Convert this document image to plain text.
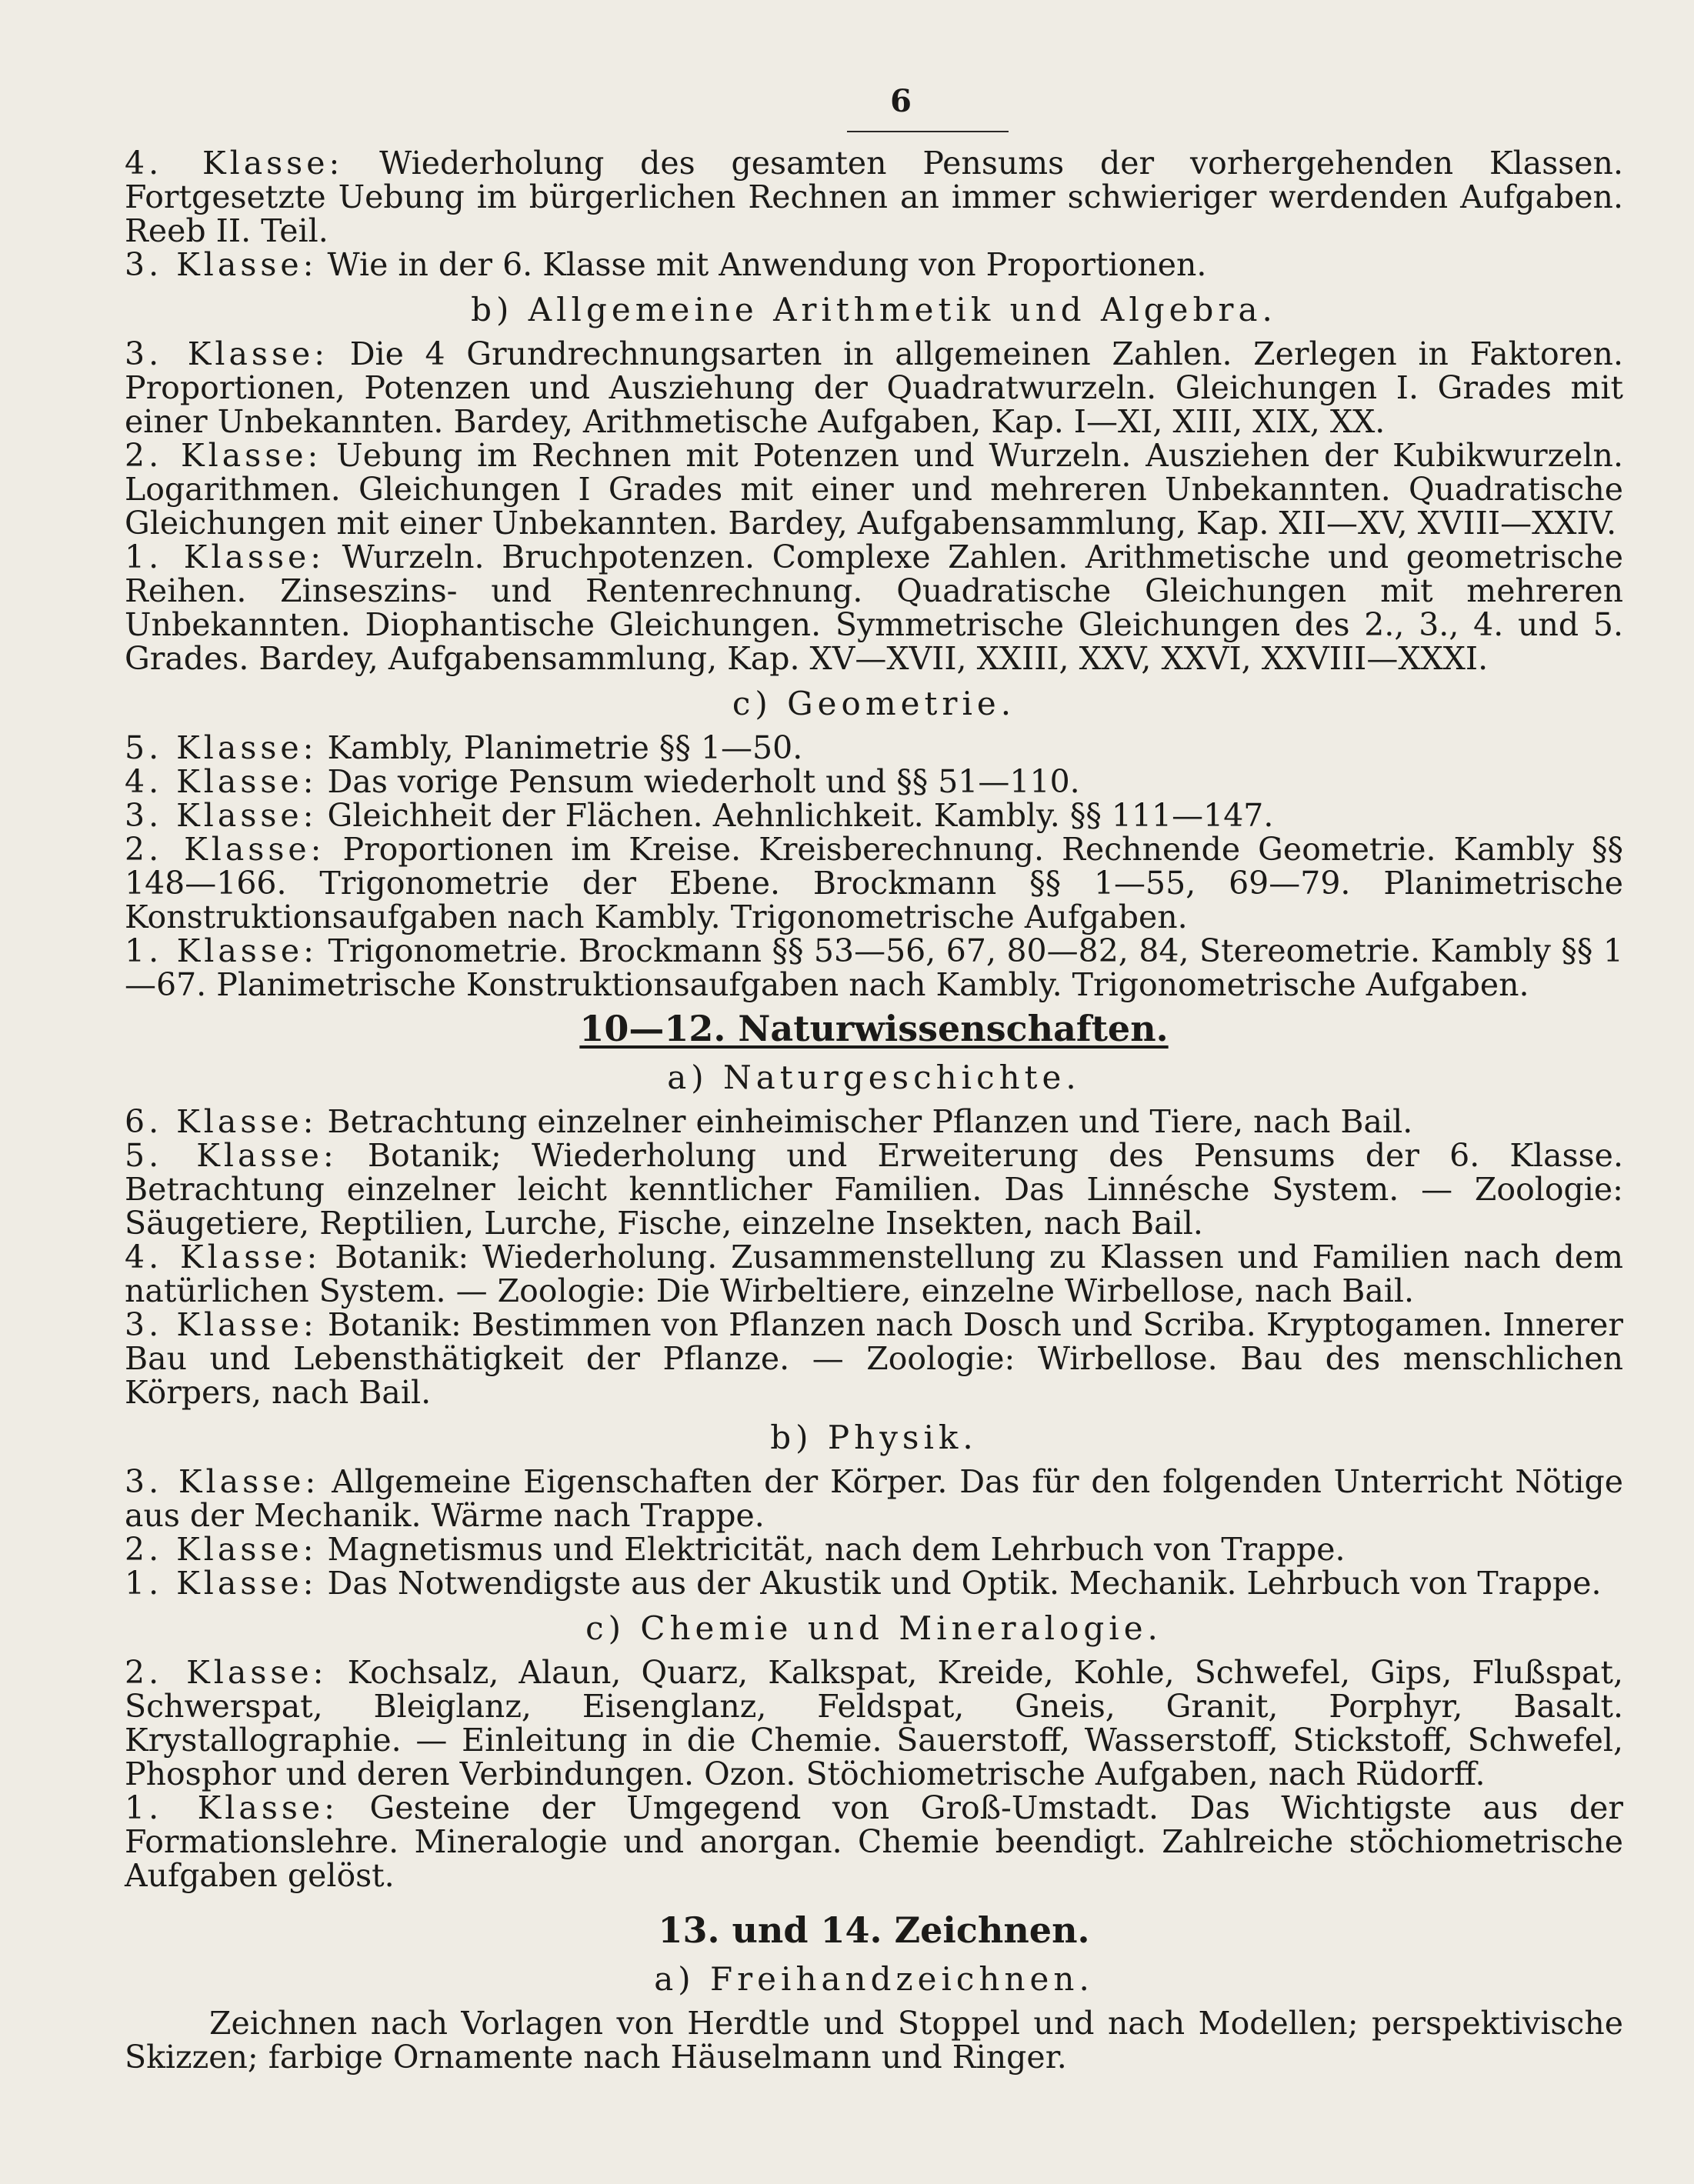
6

4. Klasse: Wiederholung des gesamten Pensums der vorhergehenden Klassen. Fortgesetzte Uebung im bürgerlichen Rechnen an immer schwieriger werdenden Aufgaben. Reeb II. Teil.

3. Klasse: Wie in der 6. Klasse mit Anwendung von Proportionen.

b) Allgemeine Arithmetik und Algebra.

3. Klasse: Die 4 Grundrechnungsarten in allgemeinen Zahlen. Zerlegen in Faktoren. Proportionen, Potenzen und Ausziehung der Quadratwurzeln. Gleichungen I. Grades mit einer Unbekannten. Bardey, Arithmetische Aufgaben, Kap. I—XI, XIII, XIX, XX.

2. Klasse: Uebung im Rechnen mit Potenzen und Wurzeln. Ausziehen der Kubikwurzeln. Logarithmen. Gleichungen I Grades mit einer und mehreren Unbekannten. Quadratische Gleichungen mit einer Unbekannten. Bardey, Aufgabensammlung, Kap. XII—XV, XVIII—XXIV.

1. Klasse: Wurzeln. Bruchpotenzen. Complexe Zahlen. Arithmetische und geometrische Reihen. Zinseszins- und Rentenrechnung. Quadratische Gleichungen mit mehreren Unbekannten. Diophantische Gleichungen. Symmetrische Gleichungen des 2., 3., 4. und 5. Grades. Bardey, Aufgabensammlung, Kap. XV—XVII, XXIII, XXV, XXVI, XXVIII—XXXI.

c) Geometrie.

5. Klasse: Kambly, Planimetrie §§ 1—50.

4. Klasse: Das vorige Pensum wiederholt und §§ 51—110.

3. Klasse: Gleichheit der Flächen. Aehnlichkeit. Kambly. §§ 111—147.

2. Klasse: Proportionen im Kreise. Kreisberechnung. Rechnende Geometrie. Kambly §§ 148—166. Trigonometrie der Ebene. Brockmann §§ 1—55, 69—79. Planimetrische Konstruktionsaufgaben nach Kambly. Trigonometrische Aufgaben.

1. Klasse: Trigonometrie. Brockmann §§ 53—56, 67, 80—82, 84, Stereometrie. Kambly §§ 1—67. Planimetrische Konstruktionsaufgaben nach Kambly. Trigonometrische Aufgaben.

10—12. Naturwissenschaften.
a) Naturgeschichte.

6. Klasse: Betrachtung einzelner einheimischer Pflanzen und Tiere, nach Bail.

5. Klasse: Botanik; Wiederholung und Erweiterung des Pensums der 6. Klasse. Betrachtung einzelner leicht kenntlicher Familien. Das Linnésche System. — Zoologie: Säugetiere, Reptilien, Lurche, Fische, einzelne Insekten, nach Bail.

4. Klasse: Botanik: Wiederholung. Zusammenstellung zu Klassen und Familien nach dem natürlichen System. — Zoologie: Die Wirbeltiere, einzelne Wirbellose, nach Bail.

3. Klasse: Botanik: Bestimmen von Pflanzen nach Dosch und Scriba. Kryptogamen. Innerer Bau und Lebensthätigkeit der Pflanze. — Zoologie: Wirbellose. Bau des menschlichen Körpers, nach Bail.

b) Physik.

3. Klasse: Allgemeine Eigenschaften der Körper. Das für den folgenden Unterricht Nötige aus der Mechanik. Wärme nach Trappe.

2. Klasse: Magnetismus und Elektricität, nach dem Lehrbuch von Trappe.

1. Klasse: Das Notwendigste aus der Akustik und Optik. Mechanik. Lehrbuch von Trappe.

c) Chemie und Mineralogie.

2. Klasse: Kochsalz, Alaun, Quarz, Kalkspat, Kreide, Kohle, Schwefel, Gips, Flußspat, Schwerspat, Bleiglanz, Eisenglanz, Feldspat, Gneis, Granit, Porphyr, Basalt. Krystallographie. — Einleitung in die Chemie. Sauerstoff, Wasserstoff, Stickstoff, Schwefel, Phosphor und deren Verbindungen. Ozon. Stöchiometrische Aufgaben, nach Rüdorff.

1. Klasse: Gesteine der Umgegend von Groß-Umstadt. Das Wichtigste aus der Formationslehre. Mineralogie und anorgan. Chemie beendigt. Zahlreiche stöchiometrische Aufgaben gelöst.

13. und 14. Zeichnen.
a) Freihandzeichnen.

Zeichnen nach Vorlagen von Herdtle und Stoppel und nach Modellen; perspektivische Skizzen; farbige Ornamente nach Häuselmann und Ringer.
